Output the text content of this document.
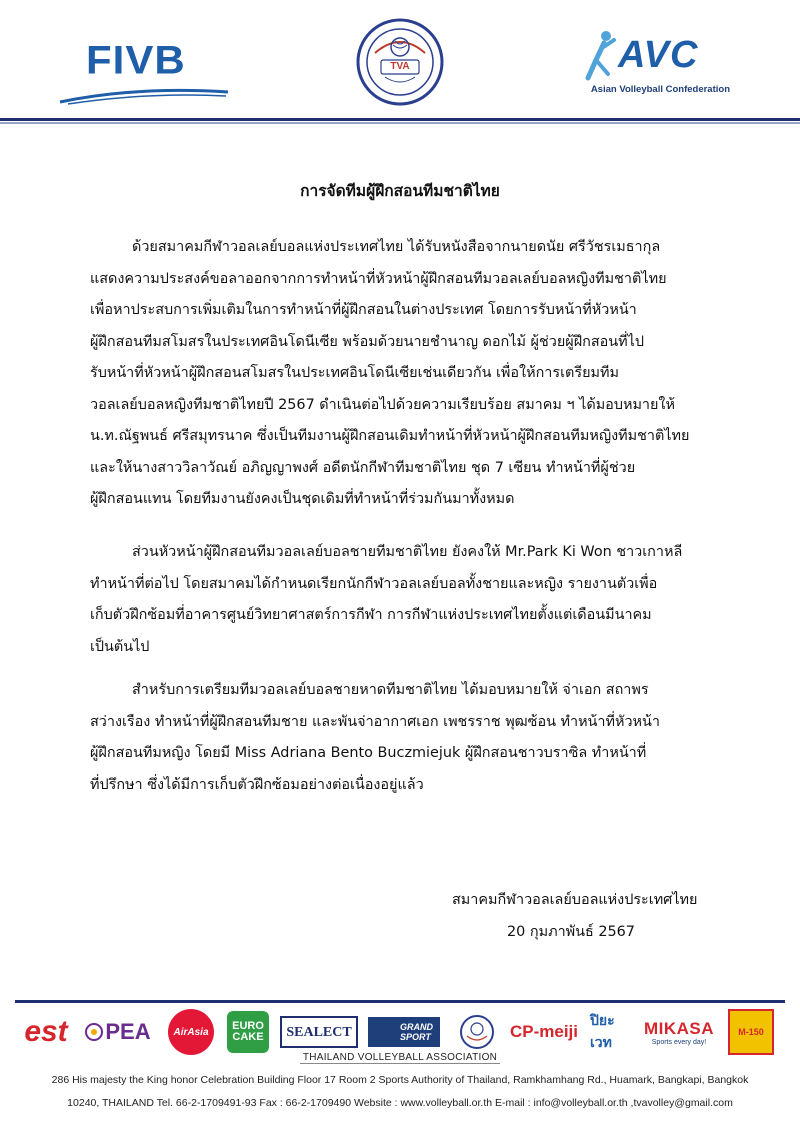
FIVB	TVA	AVC
Asian Volleyball Confederation
การจัดทีมผู้ฝึกสอนทีมชาติไทย
ด้วยสมาคมกีฬาวอลเลย์บอลแห่งประเทศไทย ได้รับหนังสือจากนายดนัย ศรีวัชรเมธากุล
แสดงความประสงค์ขอลาออกจากการทำหน้าที่หัวหน้าผู้ฝึกสอนทีมวอลเลย์บอลหญิงทีมชาติไทย
เพื่อหาประสบการเพิ่มเติมในการทำหน้าที่ผู้ฝึกสอนในต่างประเทศ โดยการรับหน้าที่หัวหน้า
ผู้ฝึกสอนทีมสโมสรในประเทศอินโดนีเซีย พร้อมด้วยนายชำนาญ ดอกไม้ ผู้ช่วยผู้ฝึกสอนที่ไป
รับหน้าที่หัวหน้าผู้ฝึกสอนสโมสรในประเทศอินโดนีเซียเช่นเดียวกัน เพื่อให้การเตรียมทีม
วอลเลย์บอลหญิงทีมชาติไทยปี 2567 ดำเนินต่อไปด้วยความเรียบร้อย สมาคม ฯ ได้มอบหมายให้
น.ท.ณัฐพนธ์ ศรีสมุทรนาค ซึ่งเป็นทีมงานผู้ฝึกสอนเดิมทำหน้าที่หัวหน้าผู้ฝึกสอนทีมหญิงทีมชาติไทย
และให้นางสาววิลาวัณย์ อภิญญาพงศ์ อดีตนักกีฬาทีมชาติไทย ชุด 7 เซียน ทำหน้าที่ผู้ช่วย
ผู้ฝึกสอนแทน โดยทีมงานยังคงเป็นชุดเดิมที่ทำหน้าที่ร่วมกันมาทั้งหมด
ส่วนหัวหน้าผู้ฝึกสอนทีมวอลเลย์บอลชายทีมชาติไทย ยังคงให้ Mr.Park Ki Won ชาวเกาหลี
ทำหน้าที่ต่อไป โดยสมาคมได้กำหนดเรียกนักกีฬาวอลเลย์บอลทั้งชายและหญิง รายงานตัวเพื่อ
เก็บตัวฝึกซ้อมที่อาคารศูนย์วิทยาศาสตร์การกีฬา การกีฬาแห่งประเทศไทยตั้งแต่เดือนมีนาคม
เป็นต้นไป
สำหรับการเตรียมทีมวอลเลย์บอลชายหาดทีมชาติไทย ได้มอบหมายให้ จ่าเอก สถาพร
สว่างเรือง ทำหน้าที่ผู้ฝึกสอนทีมชาย และพันจ่าอากาศเอก เพชรราช พุฒซ้อน ทำหน้าที่หัวหน้า
ผู้ฝึกสอนทีมหญิง โดยมี Miss Adriana Bento Buczmiejuk ผู้ฝึกสอนชาวบราซิล ทำหน้าที่
ที่ปรึกษา ซึ่งได้มีการเก็บตัวฝึกซ้อมอย่างต่อเนื่องอยู่แล้ว
สมาคมกีฬาวอลเลย์บอลแห่งประเทศไทย
20 กุมภาพันธ์ 2567
est PEA AirAsia	EURO CAKE	SEALECT	GRAND SPORT	CP-meiji
ปิยะเวท
MIKASA
Sports every day!
M-150
THAILAND VOLLEYBALL ASSOCIATION
286 His majesty the King honor Celebration Building Floor 17 Room 2 Sports Authority of Thailand, Ramkhamhang Rd., Huamark, Bangkapi, Bangkok
10240, THAILAND Tel. 66-2-1709491-93 Fax : 66-2-1709490 Website : www.volleyball.or.th E-mail : info@volleyball.or.th ,tvavolley@gmail.com
